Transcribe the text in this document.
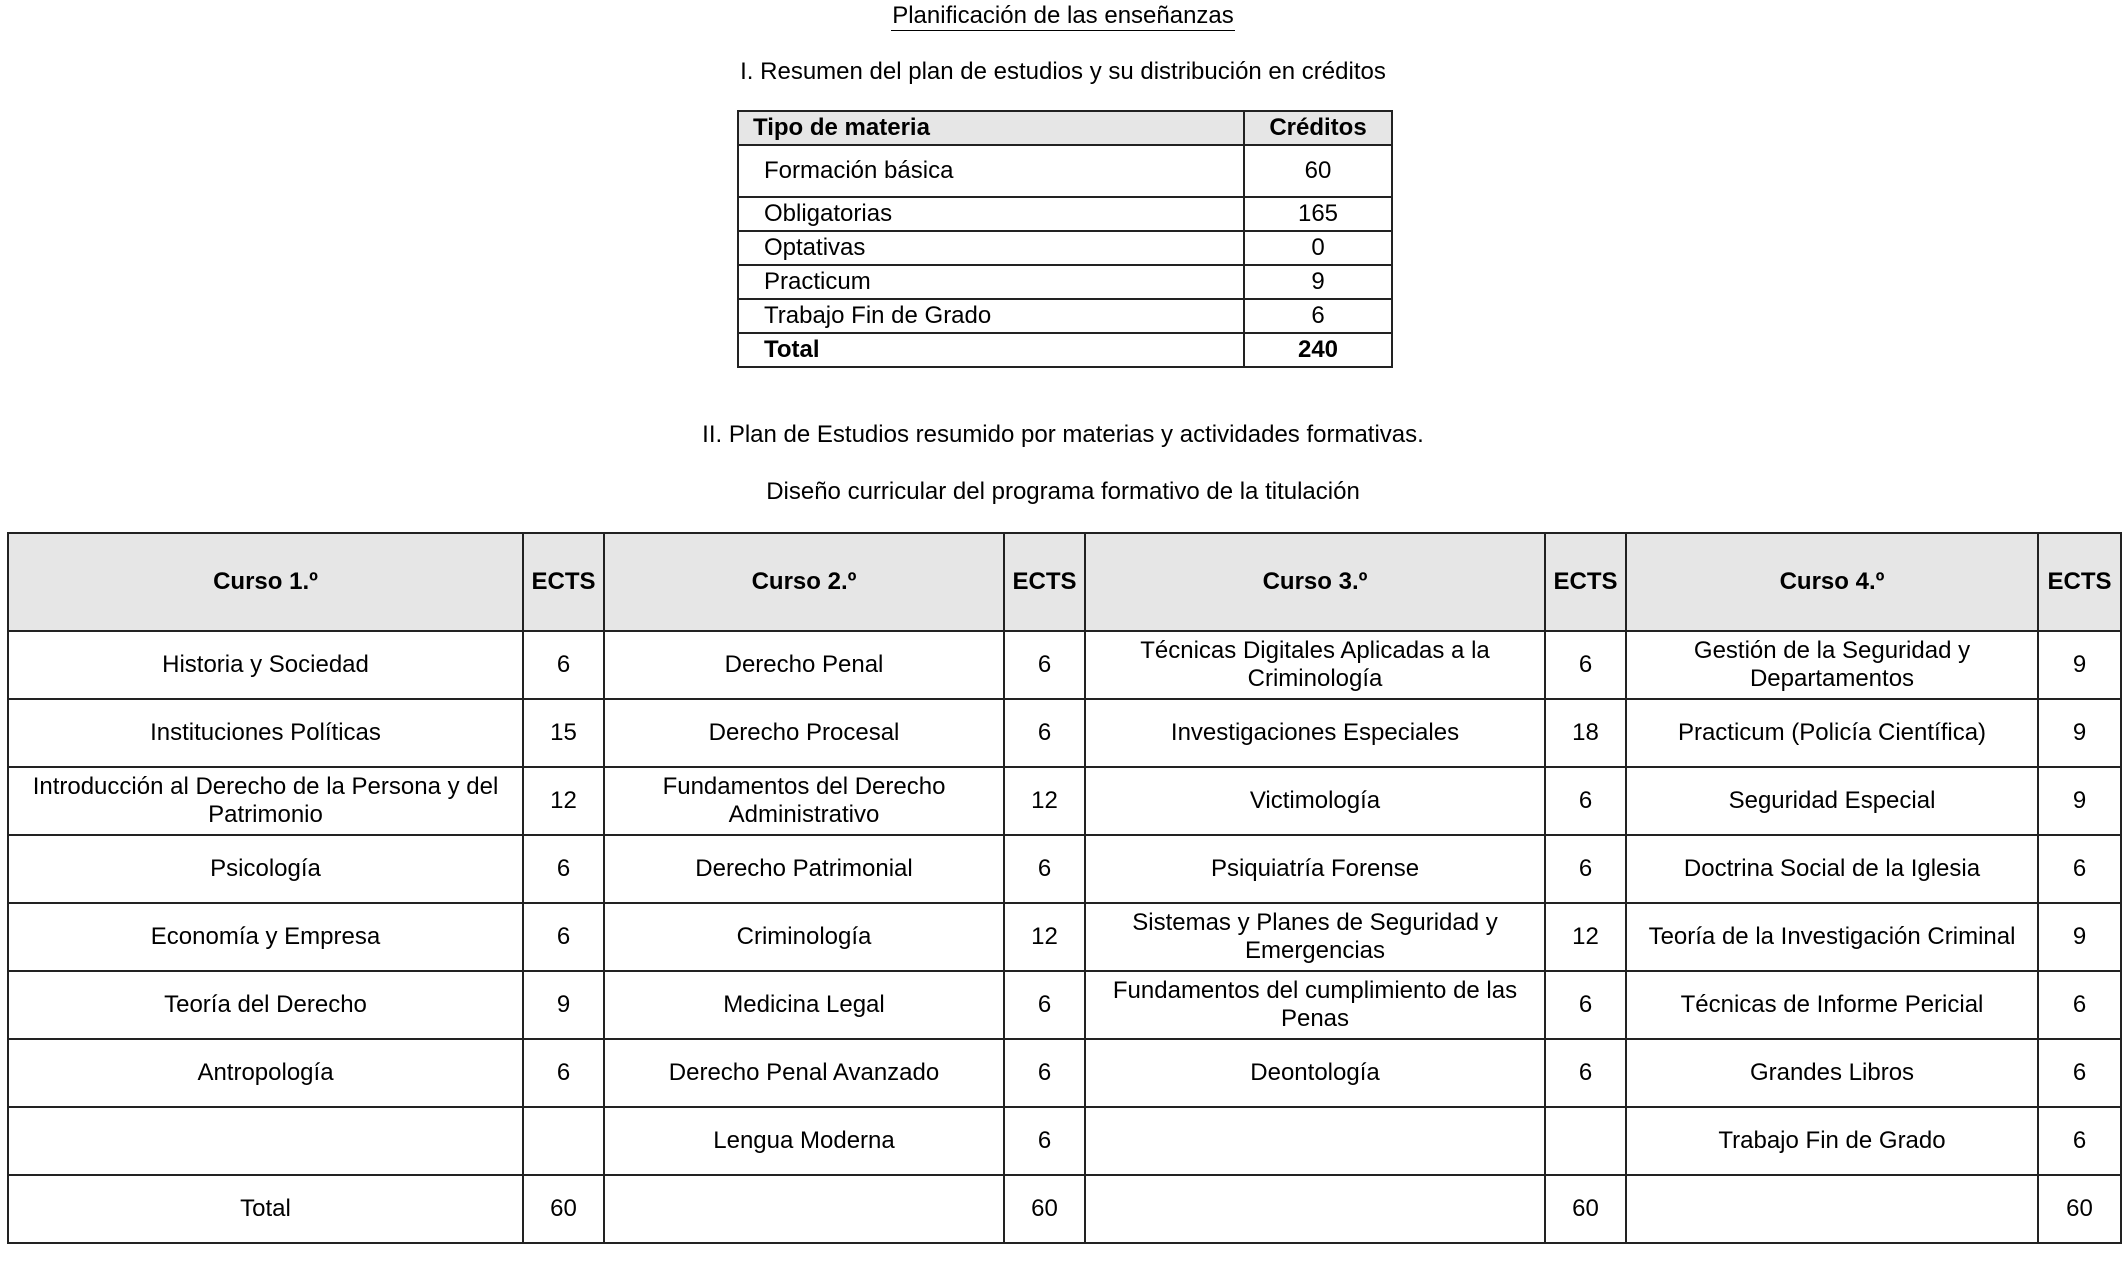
Planificación de las enseñanzas
I. Resumen del plan de estudios y su distribución en créditos
Tipo de materia	Créditos
Formación básica	60
Obligatorias	165
Optativas	0
Practicum	9
Trabajo Fin de Grado	6
Total	240
II. Plan de Estudios resumido por materias y actividades formativas.
Diseño curricular del programa formativo de la titulación
Curso 1.º	ECTS	Curso 2.º	ECTS	Curso 3.º	ECTS	Curso 4.º	ECTS
Historia y Sociedad	6	Derecho Penal	6	Técnicas Digitales Aplicadas a la Criminología	6	Gestión de la Seguridad y Departamentos	9
Instituciones Políticas	15	Derecho Procesal	6	Investigaciones Especiales	18	Practicum (Policía Científica)	9
Introducción al Derecho de la Persona y del Patrimonio	12	Fundamentos del Derecho Administrativo	12	Victimología	6	Seguridad Especial	9
Psicología	6	Derecho Patrimonial	6	Psiquiatría Forense	6	Doctrina Social de la Iglesia	6
Economía y Empresa	6	Criminología	12	Sistemas y Planes de Seguridad y Emergencias	12	Teoría de la Investigación Criminal	9
Teoría del Derecho	9	Medicina Legal	6	Fundamentos del cumplimiento de las Penas	6	Técnicas de Informe Pericial	6
Antropología	6	Derecho Penal Avanzado	6	Deontología	6	Grandes Libros	6
		Lengua Moderna	6			Trabajo Fin de Grado	6
Total	60		60		60		60
